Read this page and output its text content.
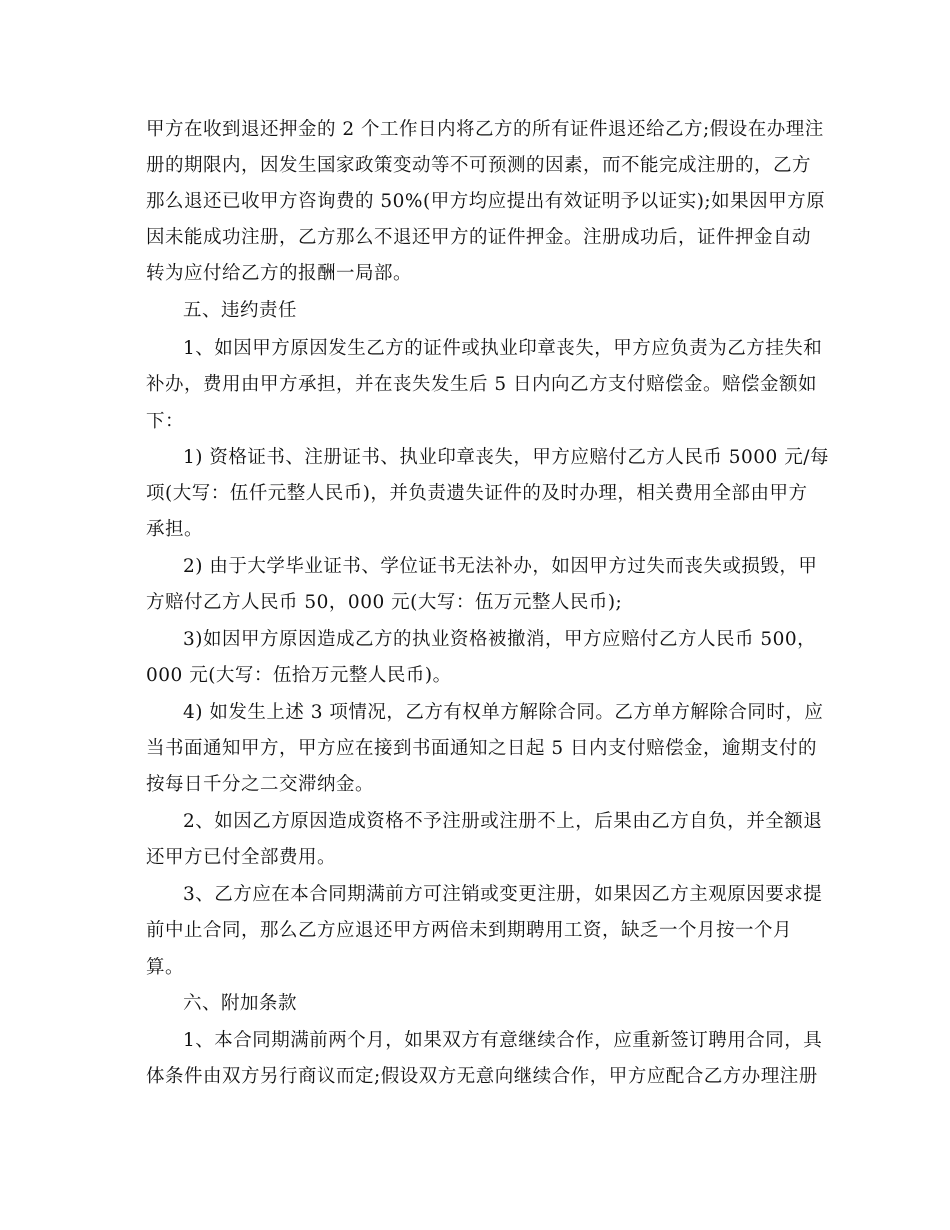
甲方在收到退还押金的 2 个工作日内将乙方的所有证件退还给乙方;假设在办理注
册的期限内，因发生国家政策变动等不可预测的因素，而不能完成注册的，乙方
那么退还已收甲方咨询费的 50%(甲方均应提出有效证明予以证实);如果因甲方原
因未能成功注册，乙方那么不退还甲方的证件押金。注册成功后，证件押金自动
转为应付给乙方的报酬一局部。
五、违约责任
1、如因甲方原因发生乙方的证件或执业印章丧失，甲方应负责为乙方挂失和
补办，费用由甲方承担，并在丧失发生后 5 日内向乙方支付赔偿金。赔偿金额如
下：
1) 资格证书、注册证书、执业印章丧失，甲方应赔付乙方人民币 5000 元/每
项(大写：伍仟元整人民币)，并负责遗失证件的及时办理，相关费用全部由甲方
承担。
2) 由于大学毕业证书、学位证书无法补办，如因甲方过失而丧失或损毁，甲
方赔付乙方人民币 50，000 元(大写：伍万元整人民币);
3)如因甲方原因造成乙方的执业资格被撤消，甲方应赔付乙方人民币 500，
000 元(大写：伍拾万元整人民币)。
4) 如发生上述 3 项情况，乙方有权单方解除合同。乙方单方解除合同时，应
当书面通知甲方，甲方应在接到书面通知之日起 5 日内支付赔偿金，逾期支付的
按每日千分之二交滞纳金。
2、如因乙方原因造成资格不予注册或注册不上，后果由乙方自负，并全额退
还甲方已付全部费用。
3、乙方应在本合同期满前方可注销或变更注册，如果因乙方主观原因要求提
前中止合同，那么乙方应退还甲方两倍未到期聘用工资，缺乏一个月按一个月
算。
六、附加条款
1、本合同期满前两个月，如果双方有意继续合作，应重新签订聘用合同，具
体条件由双方另行商议而定;假设双方无意向继续合作，甲方应配合乙方办理注册
